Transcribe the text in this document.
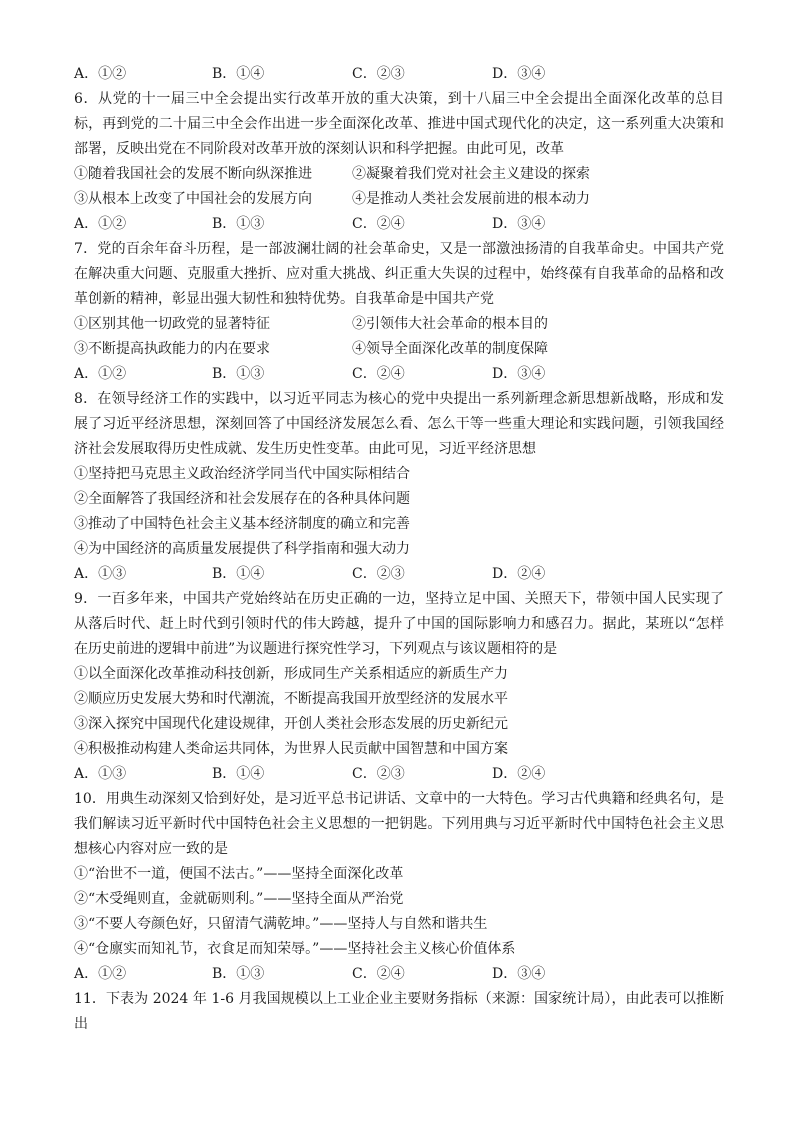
A．①②	B．①④	C．②③	D．③④
6．从党的十一届三中全会提出实行改革开放的重大决策，到十八届三中全会提出全面深化改革的总目
标，再到党的二十届三中全会作出进一步全面深化改革、推进中国式现代化的决定，这一系列重大决策和
部署，反映出党在不同阶段对改革开放的深刻认识和科学把握。由此可见，改革
①随着我国社会的发展不断向纵深推进	②凝聚着我们党对社会主义建设的探索
③从根本上改变了中国社会的发展方向	④是推动人类社会发展前进的根本动力
A．①②	B．①③	C．②④	D．③④
7．党的百余年奋斗历程，是一部波澜壮阔的社会革命史，又是一部激浊扬清的自我革命史。中国共产党
在解决重大问题、克服重大挫折、应对重大挑战、纠正重大失误的过程中，始终葆有自我革命的品格和改
革创新的精神，彰显出强大韧性和独特优势。自我革命是中国共产党
①区别其他一切政党的显著特征	②引领伟大社会革命的根本目的
③不断提高执政能力的内在要求	④领导全面深化改革的制度保障
A．①②	B．①③	C．②④	D．③④
8．在领导经济工作的实践中，以习近平同志为核心的党中央提出一系列新理念新思想新战略，形成和发
展了习近平经济思想，深刻回答了中国经济发展怎么看、怎么干等一些重大理论和实践问题，引领我国经
济社会发展取得历史性成就、发生历史性变革。由此可见，习近平经济思想
①坚持把马克思主义政治经济学同当代中国实际相结合
②全面解答了我国经济和社会发展存在的各种具体问题
③推动了中国特色社会主义基本经济制度的确立和完善
④为中国经济的高质量发展提供了科学指南和强大动力
A．①③	B．①④	C．②③	D．②④
9．一百多年来，中国共产党始终站在历史正确的一边，坚持立足中国、关照天下，带领中国人民实现了
从落后时代、赶上时代到引领时代的伟大跨越，提升了中国的国际影响力和感召力。据此，某班以“怎样
在历史前进的逻辑中前进”为议题进行探究性学习，下列观点与该议题相符的是
①以全面深化改革推动科技创新，形成同生产关系相适应的新质生产力
②顺应历史发展大势和时代潮流，不断提高我国开放型经济的发展水平
③深入探究中国现代化建设规律，开创人类社会形态发展的历史新纪元
④积极推动构建人类命运共同体，为世界人民贡献中国智慧和中国方案
A．①③	B．①④	C．②③	D．②④
10．用典生动深刻又恰到好处，是习近平总书记讲话、文章中的一大特色。学习古代典籍和经典名句，是
我们解读习近平新时代中国特色社会主义思想的一把钥匙。下列用典与习近平新时代中国特色社会主义思
想核心内容对应一致的是
①“治世不一道，便国不法古。”——坚持全面深化改革
②“木受绳则直，金就砺则利。”——坚持全面从严治党
③“不要人夸颜色好，只留清气满乾坤。”——坚持人与自然和谐共生
④“仓廪实而知礼节，衣食足而知荣辱。”——坚持社会主义核心价值体系
A．①②	B．①③	C．②④	D．③④
11．下表为 2024 年 1-6 月我国规模以上工业企业主要财务指标（来源：国家统计局），由此表可以推断出
